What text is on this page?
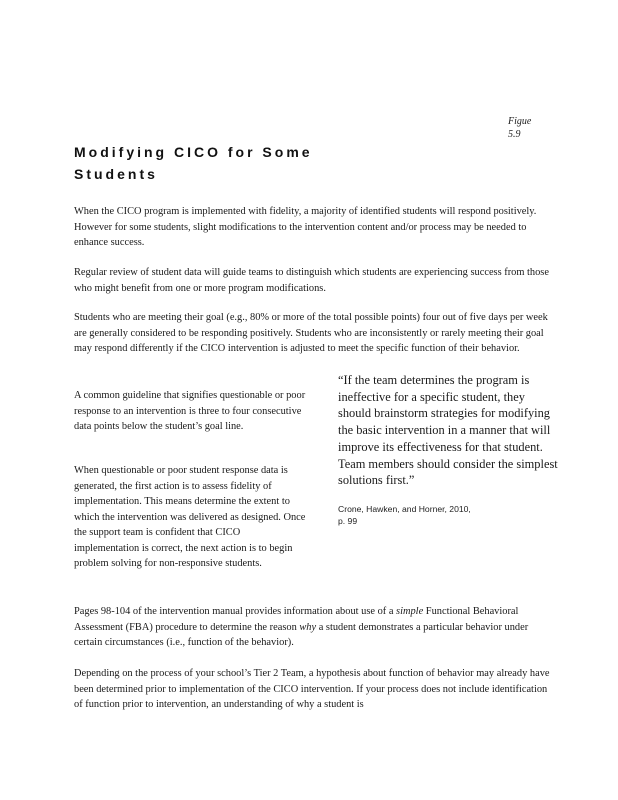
Figue
5.9
Modifying CICO for Some Students

When the CICO program is implemented with fidelity, a majority of identified students will respond positively. However for some students, slight modifications to the intervention content and/or process may be needed to enhance success.

Regular review of student data will guide teams to distinguish which students are experiencing success from those who might benefit from one or more program modifications.

Students who are meeting their goal (e.g., 80% or more of the total possible points) four out of five days per week are generally considered to be responding positively. Students who are inconsistently or rarely meeting their goal may respond differently if the CICO intervention is adjusted to meet the specific function of their behavior.

A common guideline that signifies questionable or poor response to an intervention is three to four consecutive data points below the student’s goal line.

When questionable or poor student response data is generated, the first action is to assess fidelity of implementation. This means determine the extent to which the intervention was delivered as designed. Once the support team is confident that CICO implementation is correct, the next action is to begin problem solving for non-responsive students.

“If the team determines the program is ineffective for a specific student, they should brainstorm strategies for modifying the basic intervention in a manner that will improve its effectiveness for that student. Team members should consider the simplest solutions first.”

Crone, Hawken, and Horner, 2010,
p. 99

Pages 98-104 of the intervention manual provides information about use of a simple Functional Behavioral Assessment (FBA) procedure to determine the reason why a student demonstrates a particular behavior under certain circumstances (i.e., function of the behavior).

Depending on the process of your school’s Tier 2 Team, a hypothesis about function of behavior may already have been determined prior to implementation of the CICO intervention. If your process does not include identification of function prior to intervention, an understanding of why a student is
